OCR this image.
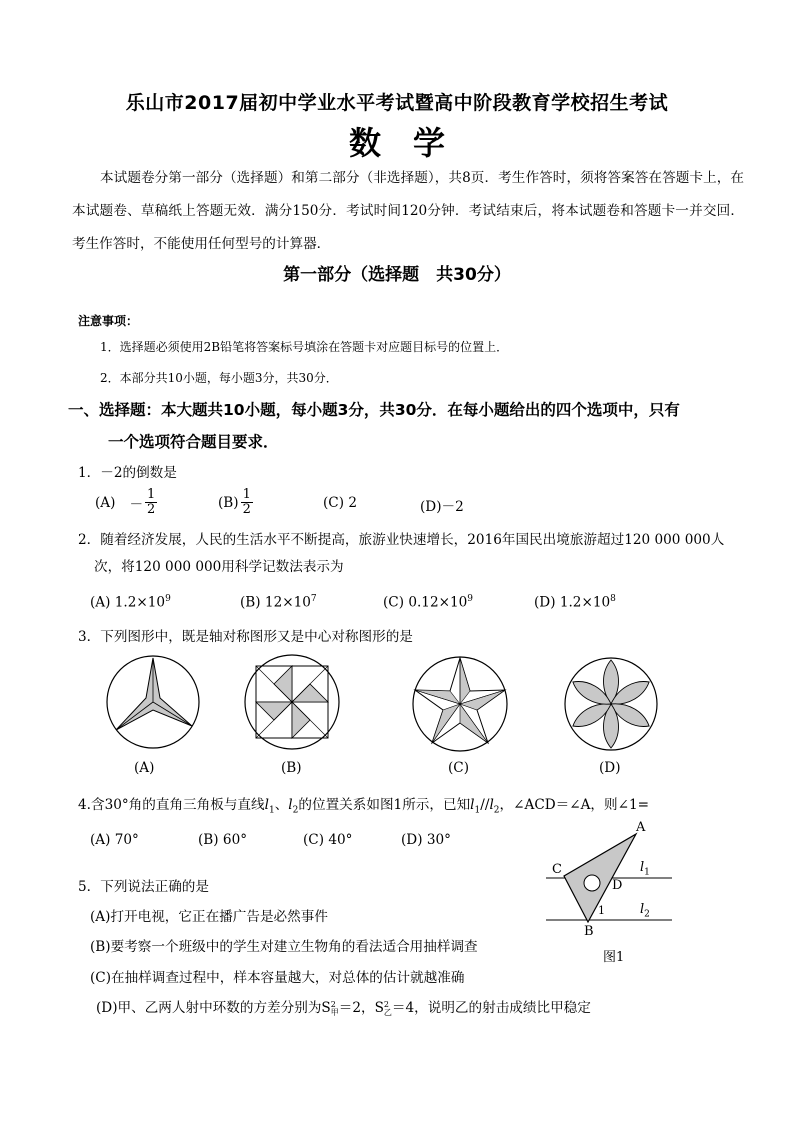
乐山市2017届初中学业水平考试暨高中阶段教育学校招生考试
数　学
本试题卷分第一部分（选择题）和第二部分（非选择题），共8页．考生作答时，须将答案答在答题卡上，在本试题卷、草稿纸上答题无效．满分150分．考试时间120分钟．考试结束后，将本试题卷和答题卡一并交回．考生作答时，不能使用任何型号的计算器．
第一部分（选择题　共30分）
注意事项：
1．选择题必须使用2B铅笔将答案标号填涂在答题卡对应题目标号的位置上．
2．本部分共10小题，每小题3分，共30分．
一、选择题：本大题共10小题，每小题3分，共30分．在每小题给出的四个选项中，只有
一个选项符合题目要求．
1．－2的倒数是
$(A) - \frac{1}{2}$	$(B) \frac{1}{2}$	(C) 2	(D)－2
2．随着经济发展，人民的生活水平不断提高，旅游业快速增长，2016年国民出境旅游超过120 000 000人
次，将120 000 000用科学记数法表示为
(A) $1.2\times 10^9$	(B) $12\times 10^7$	(C) $0.12\times 10^9$	(D) $1.2\times 10^8$
3．下列图形中，既是轴对称图形又是中心对称图形的是
(A)	(B)	(C)	(D)
4.含30°角的直角三角板与直线$l_1$、$l_2$的位置关系如图1所示，已知$l_1//l_2$，∠ACD＝∠A，则∠1=
(A) 70°	(B) 60°	(C) 40°	(D) 30°
A
C
D
B
1
$l_1$
$l_2$
图1
5．下列说法正确的是
(A)打开电视，它正在播广告是必然事件
(B)要考察一个班级中的学生对建立生物角的看法适合用抽样调查
(C)在抽样调查过程中，样本容量越大，对总体的估计就越准确
(D)甲、乙两人射中环数的方差分别为S 2
甲 ＝2，S 2
乙 ＝4，说明乙的射击成绩比甲稳定
